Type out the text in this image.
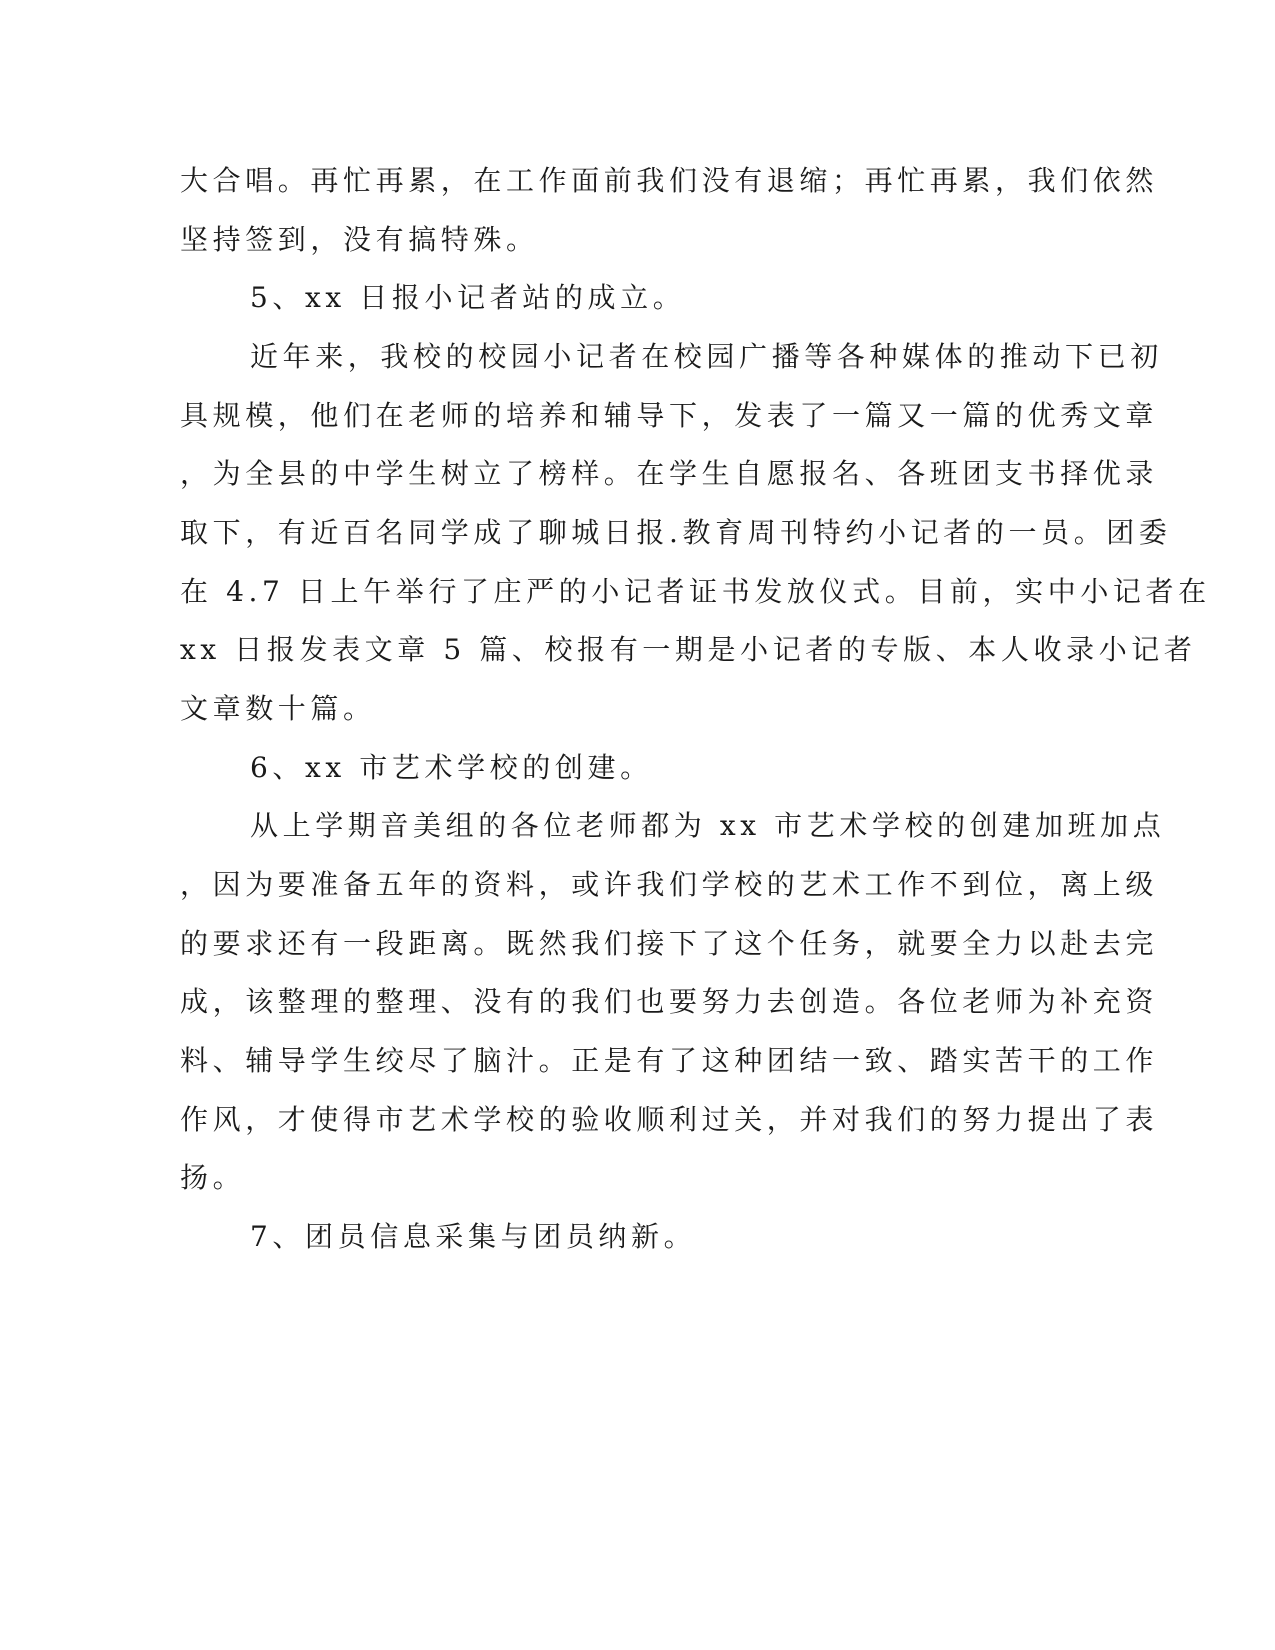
大合唱。再忙再累，在工作面前我们没有退缩；再忙再累，我们依然
坚持签到，没有搞特殊。
5、xx 日报小记者站的成立。
近年来，我校的校园小记者在校园广播等各种媒体的推动下已初
具规模，他们在老师的培养和辅导下，发表了一篇又一篇的优秀文章
，为全县的中学生树立了榜样。在学生自愿报名、各班团支书择优录
取下，有近百名同学成了聊城日报.教育周刊特约小记者的一员。团委
在 4.7 日上午举行了庄严的小记者证书发放仪式。目前，实中小记者在
xx 日报发表文章 5 篇、校报有一期是小记者的专版、本人收录小记者
文章数十篇。
6、xx 市艺术学校的创建。
从上学期音美组的各位老师都为 xx 市艺术学校的创建加班加点
，因为要准备五年的资料，或许我们学校的艺术工作不到位，离上级
的要求还有一段距离。既然我们接下了这个任务，就要全力以赴去完
成，该整理的整理、没有的我们也要努力去创造。各位老师为补充资
料、辅导学生绞尽了脑汁。正是有了这种团结一致、踏实苦干的工作
作风，才使得市艺术学校的验收顺利过关，并对我们的努力提出了表
扬。
7、团员信息采集与团员纳新。
